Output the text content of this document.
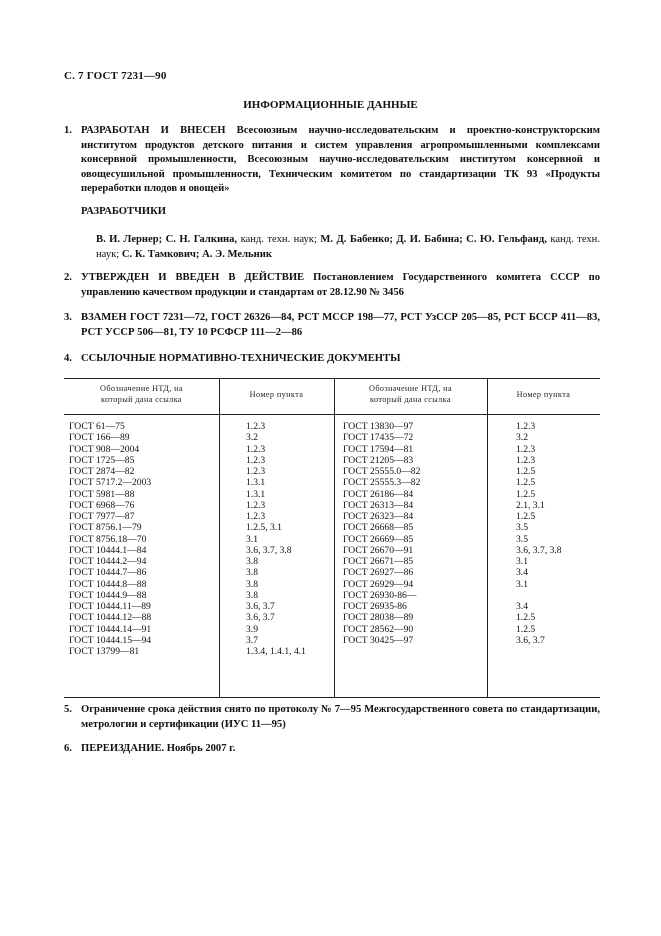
С. 7 ГОСТ 7231—90
ИНФОРМАЦИОННЫЕ ДАННЫЕ
1. РАЗРАБОТАН И ВНЕСЕН Всесоюзным научно-исследовательским и проектно-конструкторским институтом продуктов детского питания и систем управления агропромышленными комплексами консервной промышленности, Всесоюзным научно-исследовательским институтом консервной и овощесушильной промышленности, Техническим комитетом по стандартизации ТК 93 «Продукты переработки плодов и овощей»
РАЗРАБОТЧИКИ
В. И. Лернер; С. Н. Галкина, канд. техн. наук; М. Д. Бабенко; Д. И. Бабина; С. Ю. Гельфанд, канд. техн. наук; С. К. Тамкович; А. Э. Мельник
2. УТВЕРЖДЕН И ВВЕДЕН В ДЕЙСТВИЕ Постановлением Государственного комитета СССР по управлению качеством продукции и стандартам от 28.12.90 № 3456
3. ВЗАМЕН ГОСТ 7231—72, ГОСТ 26326—84, РСТ МССР 198—77, РСТ УзССР 205—85, РСТ БССР 411—83, РСТ УССР 506—81, ТУ 10 РСФСР 111—2—86
4. ССЫЛОЧНЫЕ НОРМАТИВНО-ТЕХНИЧЕСКИЕ ДОКУМЕНТЫ
Обозначение НТД, на
который дана ссылка
Номер пункта
Обозначение НТД, на
который дана ссылка
Номер пункта
ГОСТ 61—75	1.2.3
ГОСТ 166—89	3.2
ГОСТ 908—2004	1.2.3
ГОСТ 1725—85	1.2.3
ГОСТ 2874—82	1.2.3
ГОСТ 5717.2—2003	1.3.1
ГОСТ 5981—88	1.3.1
ГОСТ 6968—76	1.2.3
ГОСТ 7977—87	1.2.3
ГОСТ 8756.1—79	1.2.5, 3.1
ГОСТ 8756.18—70	3.1
ГОСТ 10444.1—84	3.6, 3.7, 3.8
ГОСТ 10444.2—94	3.8
ГОСТ 10444.7—86	3.8
ГОСТ 10444.8—88	3.8
ГОСТ 10444.9—88	3.8
ГОСТ 10444.11—89	3.6, 3.7
ГОСТ 10444.12—88	3.6, 3.7
ГОСТ 10444.14—91	3.9
ГОСТ 10444.15—94	3.7
ГОСТ 13799—81	1.3.4, 1.4.1, 4.1
ГОСТ 13830—97	1.2.3
ГОСТ 17435—72	3.2
ГОСТ 17594—81	1.2.3
ГОСТ 21205—83	1.2.3
ГОСТ 25555.0—82	1.2.5
ГОСТ 25555.3—82	1.2.5
ГОСТ 26186—84	1.2.5
ГОСТ 26313—84	2.1, 3.1
ГОСТ 26323—84	1.2.5
ГОСТ 26668—85	3.5
ГОСТ 26669—85	3.5
ГОСТ 26670—91	3.6, 3.7, 3.8
ГОСТ 26671—85	3.1
ГОСТ 26927—86	3.4
ГОСТ 26929—94	3.1
ГОСТ 26930-86—
ГОСТ 26935-86	3.4
ГОСТ 28038—89	1.2.5
ГОСТ 28562—90	1.2.5
ГОСТ 30425—97	3.6, 3.7
5. Ограничение срока действия снято по протоколу № 7—95 Межгосударственного совета по стандартизации, метрологии и сертификации (ИУС 11—95)
6. ПЕРЕИЗДАНИЕ. Ноябрь 2007 г.
